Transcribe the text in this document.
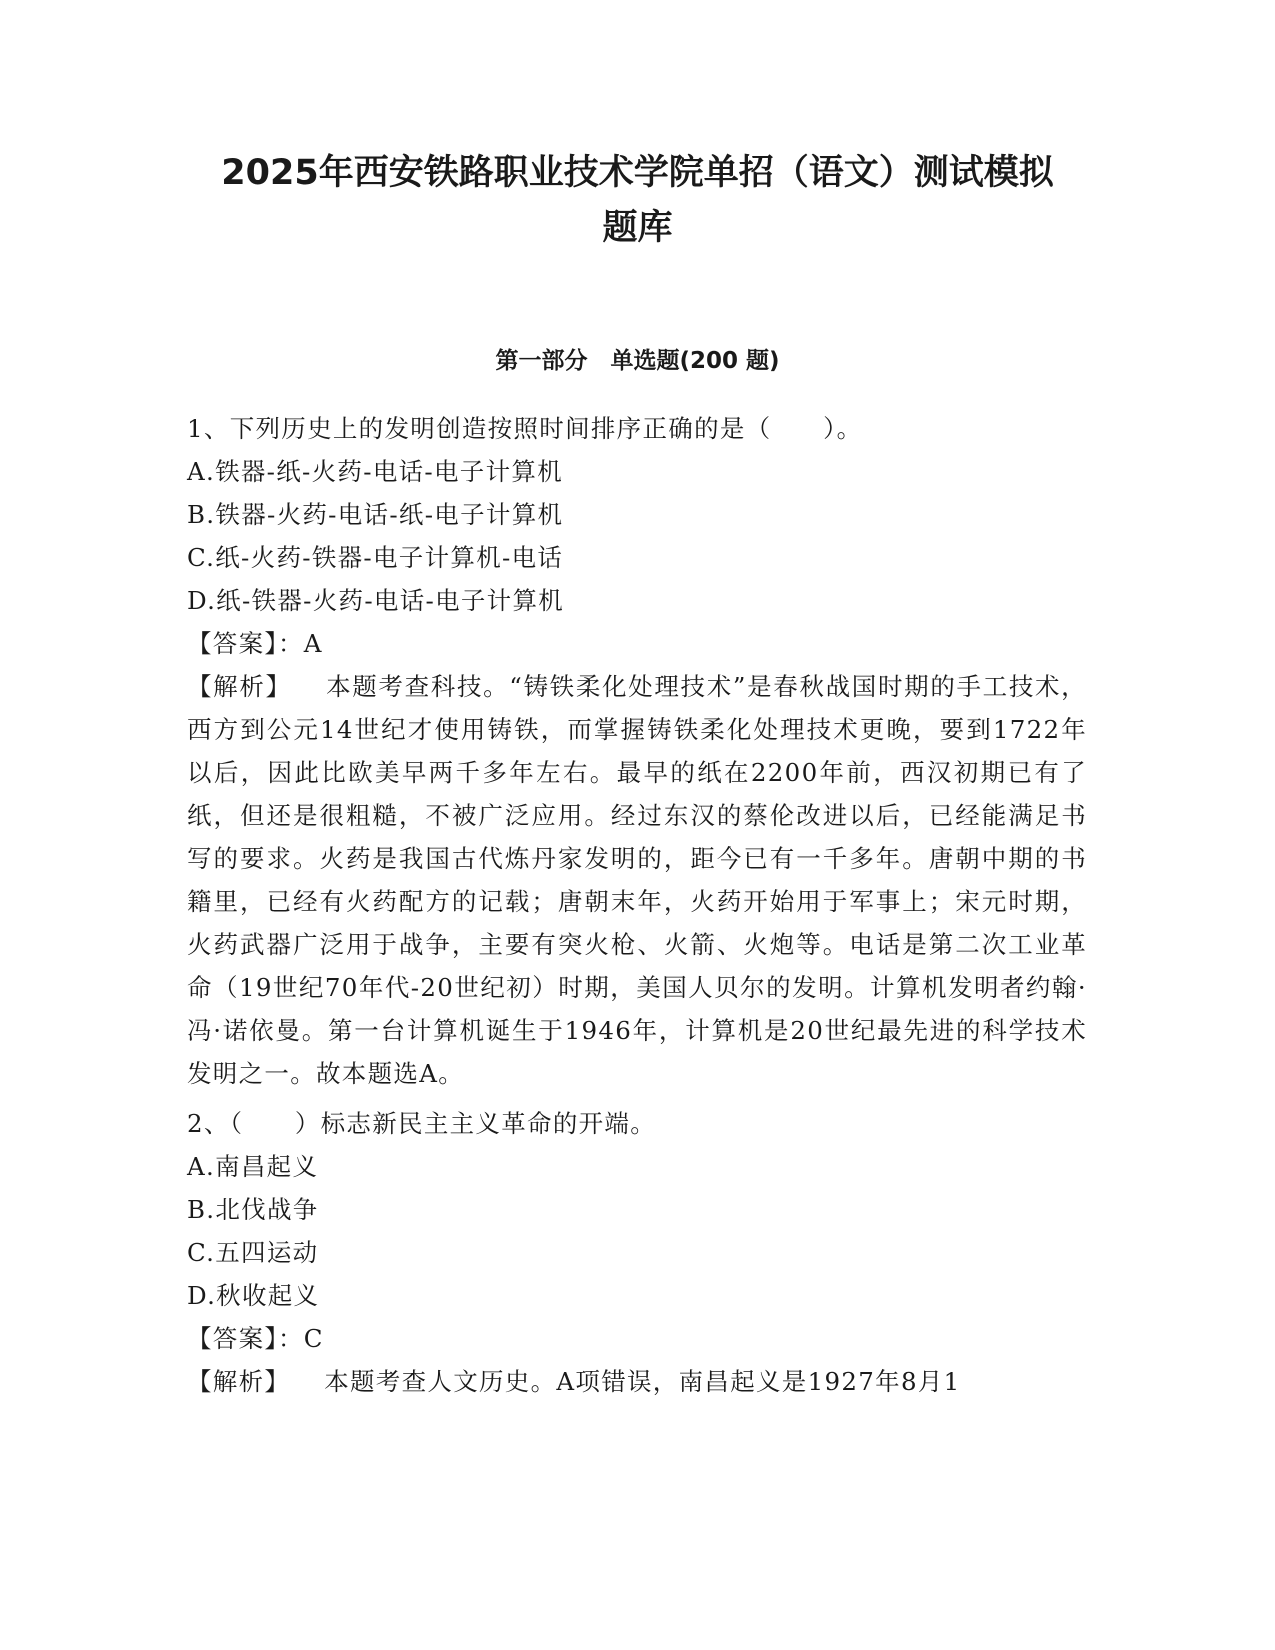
2025年西安铁路职业技术学院单招（语文）测试模拟
题库
第一部分　单选题(200 题)

1、下列历史上的发明创造按照时间排序正确的是（　　）。

A.铁器-纸-火药-电话-电子计算机

B.铁器-火药-电话-纸-电子计算机

C.纸-火药-铁器-电子计算机-电话

D.纸-铁器-火药-电话-电子计算机

【答案】：A

【解析】 本题考查科技。“铸铁柔化处理技术”是春秋战国时期的手工技术，西方到公元14世纪才使用铸铁，而掌握铸铁柔化处理技术更晚，要到1722年以后，因此比欧美早两千多年左右。最早的纸在2200年前，西汉初期已有了纸，但还是很粗糙，不被广泛应用。经过东汉的蔡伦改进以后，已经能满足书写的要求。火药是我国古代炼丹家发明的，距今已有一千多年。唐朝中期的书籍里，已经有火药配方的记载；唐朝末年，火药开始用于军事上；宋元时期，火药武器广泛用于战争，主要有突火枪、火箭、火炮等。电话是第二次工业革命（19世纪70年代-20世纪初）时期，美国人贝尔的发明。计算机发明者约翰·冯·诺依曼。第一台计算机诞生于1946年，计算机是20世纪最先进的科学技术发明之一。故本题选A。

2、（　　）标志新民主主义革命的开端。

A.南昌起义

B.北伐战争

C.五四运动

D.秋收起义

【答案】：C

【解析】 本题考查人文历史。A项错误，南昌起义是1927年8月1
